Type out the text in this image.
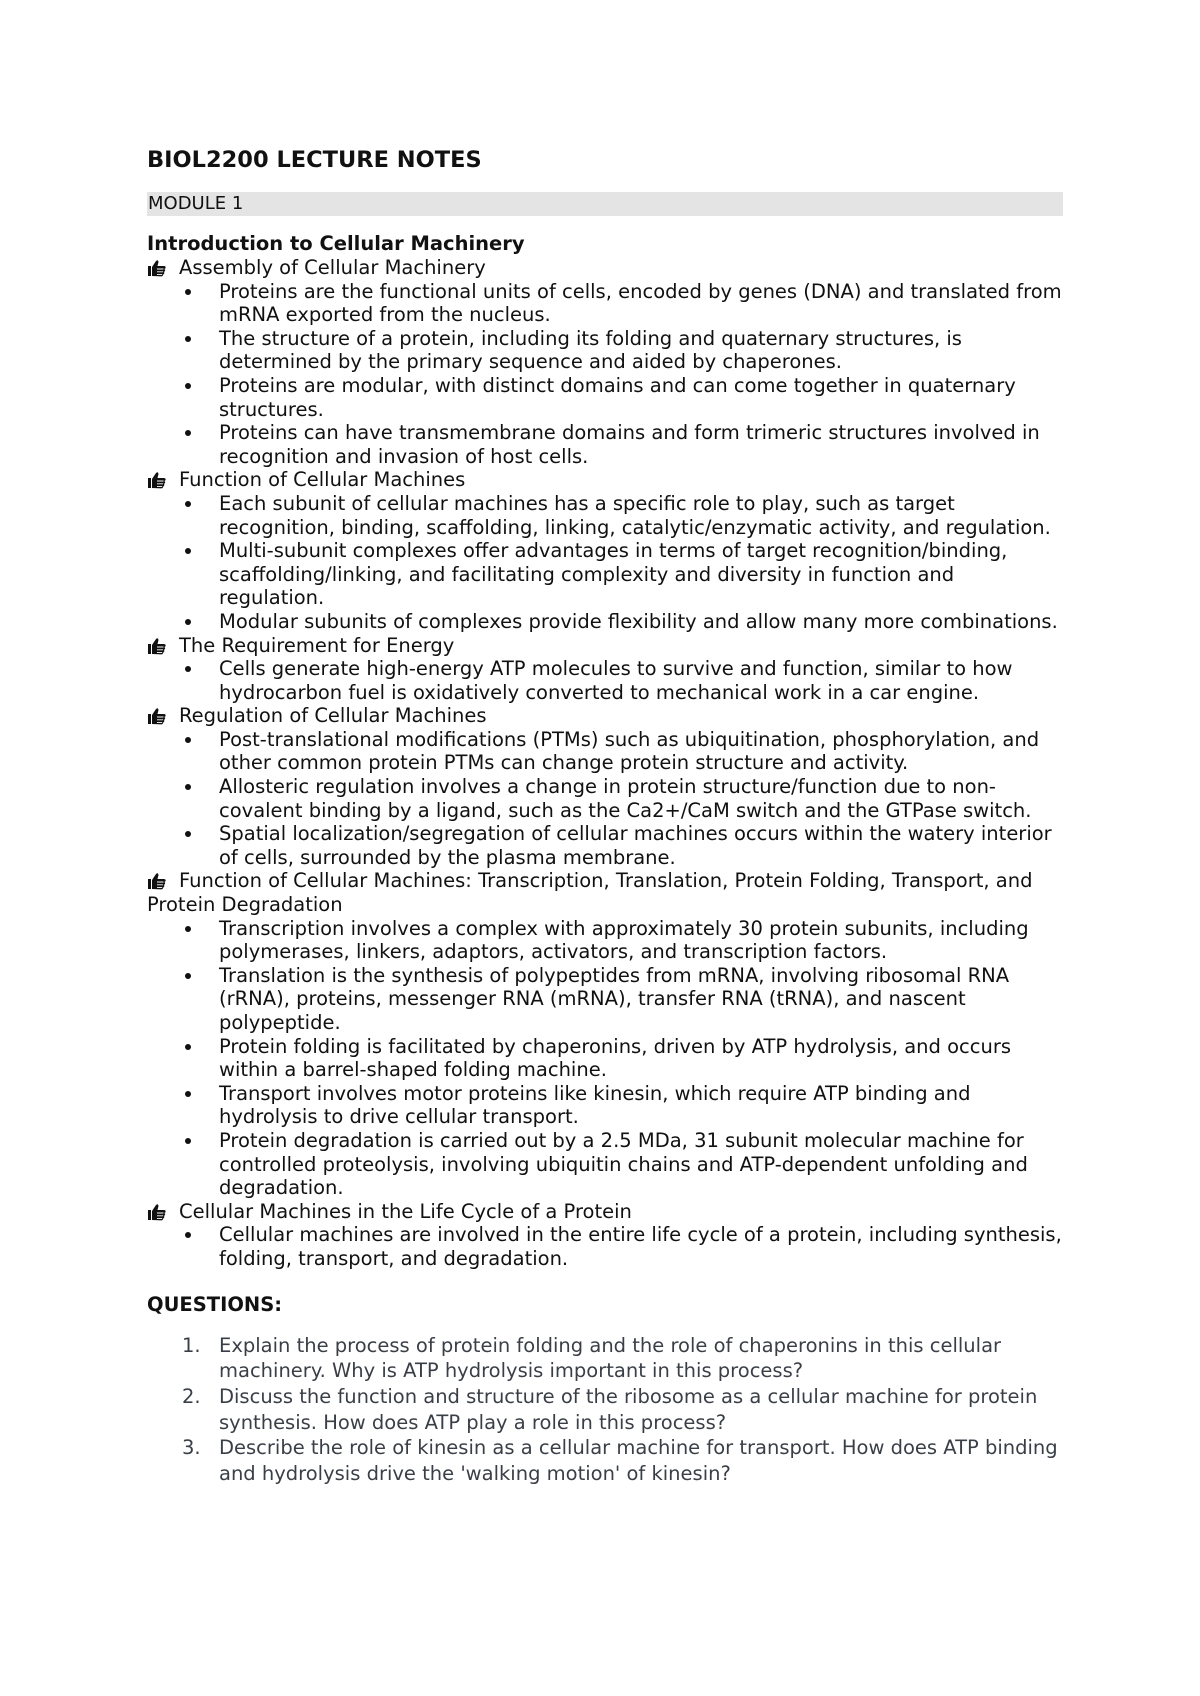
BIOL2200 LECTURE NOTES
MODULE 1
Introduction to Cellular Machinery
Assembly of Cellular Machinery
Proteins are the functional units of cells, encoded by genes (DNA) and translated from mRNA exported from the nucleus.
The structure of a protein, including its folding and quaternary structures, is determined by the primary sequence and aided by chaperones.
Proteins are modular, with distinct domains and can come together in quaternary structures.
Proteins can have transmembrane domains and form trimeric structures involved in recognition and invasion of host cells.
Function of Cellular Machines
Each subunit of cellular machines has a specific role to play, such as target recognition, binding, scaffolding, linking, catalytic/enzymatic activity, and regulation.
Multi-subunit complexes offer advantages in terms of target recognition/binding, scaffolding/linking, and facilitating complexity and diversity in function and regulation.
Modular subunits of complexes provide flexibility and allow many more combinations.
The Requirement for Energy
Cells generate high-energy ATP molecules to survive and function, similar to how hydrocarbon fuel is oxidatively converted to mechanical work in a car engine.
Regulation of Cellular Machines
Post-translational modifications (PTMs) such as ubiquitination, phosphorylation, and other common protein PTMs can change protein structure and activity.
Allosteric regulation involves a change in protein structure/function due to non-covalent binding by a ligand, such as the Ca2+/CaM switch and the GTPase switch.
Spatial localization/segregation of cellular machines occurs within the watery interior of cells, surrounded by the plasma membrane.
Function of Cellular Machines: Transcription, Translation, Protein Folding, Transport, and Protein Degradation
Transcription involves a complex with approximately 30 protein subunits, including polymerases, linkers, adaptors, activators, and transcription factors.
Translation is the synthesis of polypeptides from mRNA, involving ribosomal RNA (rRNA), proteins, messenger RNA (mRNA), transfer RNA (tRNA), and nascent polypeptide.
Protein folding is facilitated by chaperonins, driven by ATP hydrolysis, and occurs within a barrel-shaped folding machine.
Transport involves motor proteins like kinesin, which require ATP binding and hydrolysis to drive cellular transport.
Protein degradation is carried out by a 2.5 MDa, 31 subunit molecular machine for controlled proteolysis, involving ubiquitin chains and ATP-dependent unfolding and degradation.
Cellular Machines in the Life Cycle of a Protein
Cellular machines are involved in the entire life cycle of a protein, including synthesis, folding, transport, and degradation.
QUESTIONS:
1. Explain the process of protein folding and the role of chaperonins in this cellular machinery. Why is ATP hydrolysis important in this process?
2. Discuss the function and structure of the ribosome as a cellular machine for protein synthesis. How does ATP play a role in this process?
3. Describe the role of kinesin as a cellular machine for transport. How does ATP binding and hydrolysis drive the 'walking motion' of kinesin?
